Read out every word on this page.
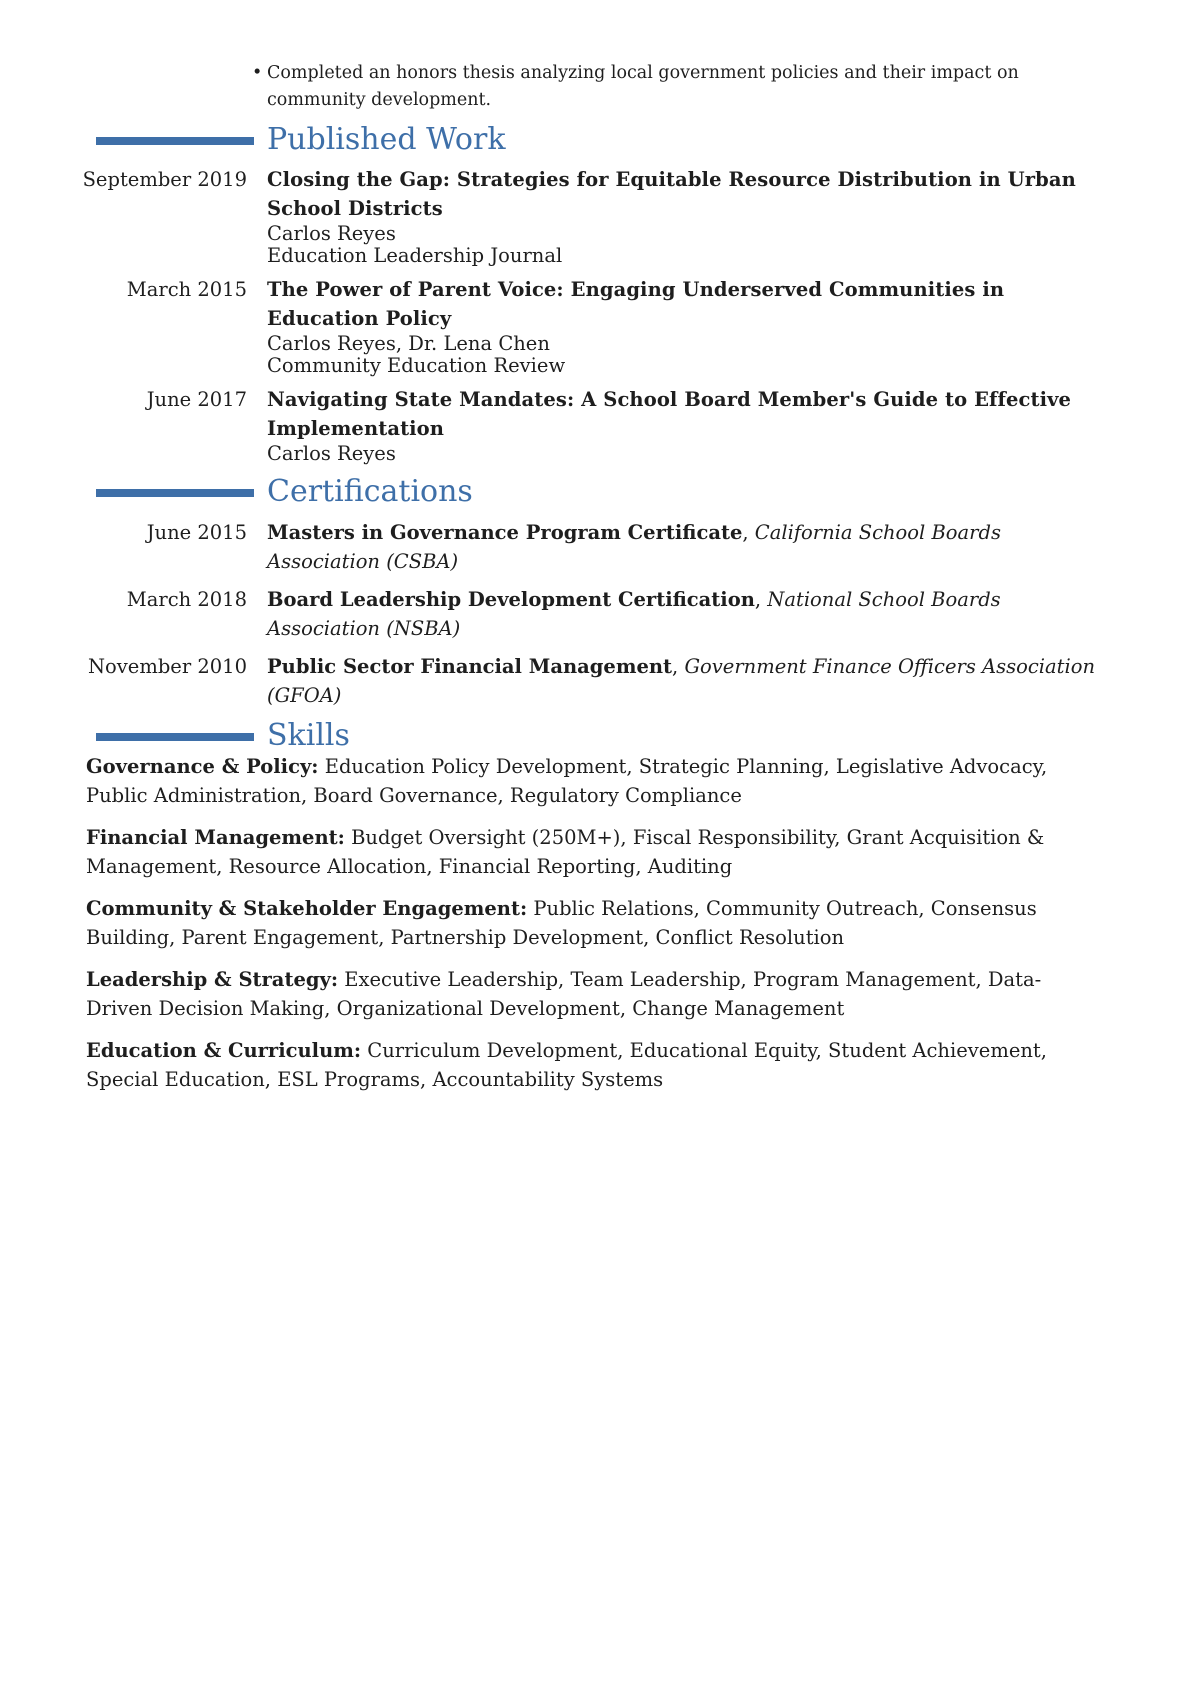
• Completed an honors thesis analyzing local government policies and their impact on community development.
Published Work
September 2019 Closing the Gap: Strategies for Equitable Resource Distribution in Urban School Districts
Carlos Reyes
Education Leadership Journal
March 2015 The Power of Parent Voice: Engaging Underserved Communities in Education Policy
Carlos Reyes, Dr. Lena Chen
Community Education Review
June 2017 Navigating State Mandates: A School Board Member's Guide to Effective Implementation
Carlos Reyes
Certifications
June 2015 Masters in Governance Program Certificate, California School Boards Association (CSBA)
March 2018 Board Leadership Development Certification, National School Boards Association (NSBA)
November 2010 Public Sector Financial Management, Government Finance Officers Association (GFOA)
Skills
Governance & Policy: Education Policy Development, Strategic Planning, Legislative Advocacy, Public Administration, Board Governance, Regulatory Compliance
Financial Management: Budget Oversight (250M+), Fiscal Responsibility, Grant Acquisition & Management, Resource Allocation, Financial Reporting, Auditing
Community & Stakeholder Engagement: Public Relations, Community Outreach, Consensus Building, Parent Engagement, Partnership Development, Conflict Resolution
Leadership & Strategy: Executive Leadership, Team Leadership, Program Management, Data-Driven Decision Making, Organizational Development, Change Management
Education & Curriculum: Curriculum Development, Educational Equity, Student Achievement, Special Education, ESL Programs, Accountability Systems
